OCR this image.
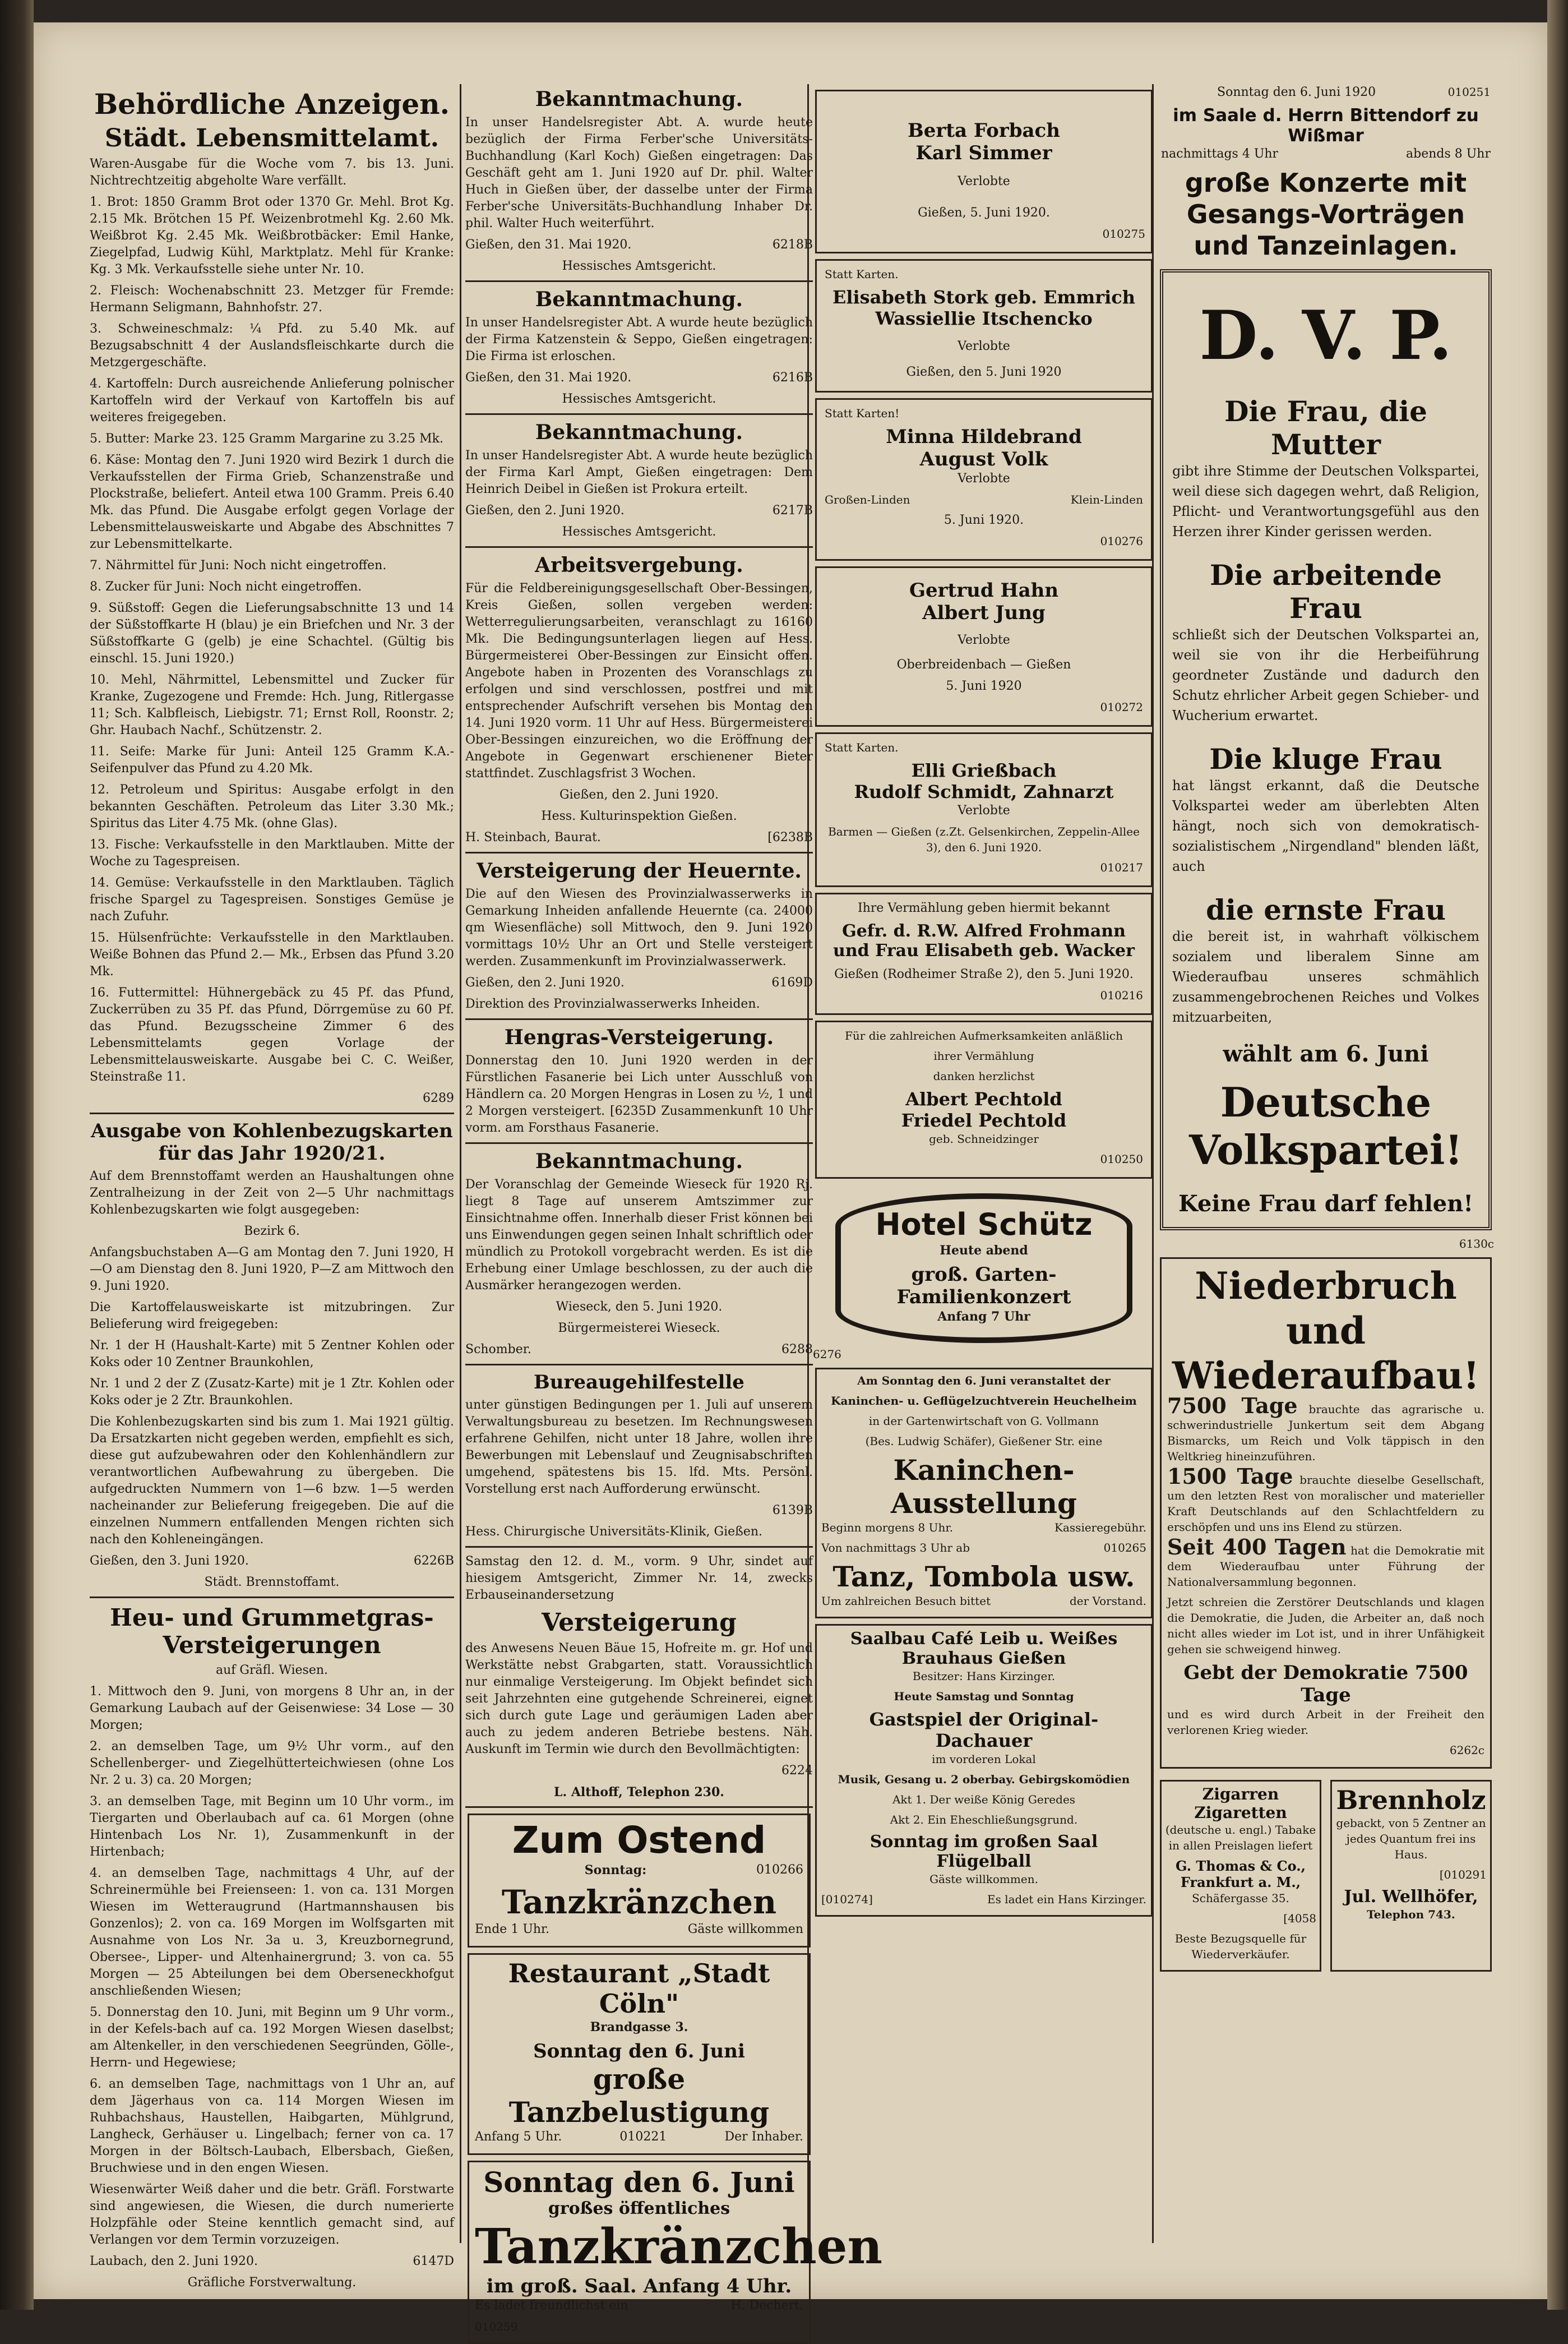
Behördliche Anzeigen.
Städt. Lebensmittelamt.

Waren-Ausgabe für die Woche vom 7. bis 13. Juni. Nichtrechtzeitig abgeholte Ware verfällt.

1. Brot: 1850 Gramm Brot oder 1370 Gr. Mehl. Brot Kg. 2.15 Mk. Brötchen 15 Pf. Weizenbrotmehl Kg. 2.60 Mk. Weißbrot Kg. 2.45 Mk. Weißbrotbäcker: Emil Hanke, Ziegelpfad, Ludwig Kühl, Marktplatz. Mehl für Kranke: Kg. 3 Mk. Verkaufsstelle siehe unter Nr. 10.

2. Fleisch: Wochenabschnitt 23. Metzger für Fremde: Hermann Seligmann, Bahnhofstr. 27.

3. Schweineschmalz: ¼ Pfd. zu 5.40 Mk. auf Bezugsabschnitt 4 der Auslandsfleischkarte durch die Metzgergeschäfte.

4. Kartoffeln: Durch ausreichende Anlieferung polnischer Kartoffeln wird der Verkauf von Kartoffeln bis auf weiteres freigegeben.

5. Butter: Marke 23. 125 Gramm Margarine zu 3.25 Mk.

6. Käse: Montag den 7. Juni 1920 wird Bezirk 1 durch die Verkaufsstellen der Firma Grieb, Schanzenstraße und Plockstraße, beliefert. Anteil etwa 100 Gramm. Preis 6.40 Mk. das Pfund. Die Ausgabe erfolgt gegen Vorlage der Lebensmittelausweiskarte und Abgabe des Abschnittes 7 zur Lebensmittelkarte.

7. Nährmittel für Juni: Noch nicht eingetroffen.

8. Zucker für Juni: Noch nicht eingetroffen.

9. Süßstoff: Gegen die Lieferungsabschnitte 13 und 14 der Süßstoffkarte H (blau) je ein Briefchen und Nr. 3 der Süßstoffkarte G (gelb) je eine Schachtel. (Gültig bis einschl. 15. Juni 1920.)

10. Mehl, Nährmittel, Lebensmittel und Zucker für Kranke, Zugezogene und Fremde: Hch. Jung, Ritlergasse 11; Sch. Kalbfleisch, Liebigstr. 71; Ernst Roll, Roonstr. 2; Ghr. Haubach Nachf., Schützenstr. 2.

11. Seife: Marke für Juni: Anteil 125 Gramm K.A.-Seifenpulver das Pfund zu 4.20 Mk.

12. Petroleum und Spiritus: Ausgabe erfolgt in den bekannten Geschäften. Petroleum das Liter 3.30 Mk.; Spiritus das Liter 4.75 Mk. (ohne Glas).

13. Fische: Verkaufsstelle in den Marktlauben. Mitte der Woche zu Tagespreisen.

14. Gemüse: Verkaufsstelle in den Marktlauben. Täglich frische Spargel zu Tagespreisen. Sonstiges Gemüse je nach Zufuhr.

15. Hülsenfrüchte: Verkaufsstelle in den Marktlauben. Weiße Bohnen das Pfund 2.— Mk., Erbsen das Pfund 3.20 Mk.

16. Futtermittel: Hühnergebäck zu 45 Pf. das Pfund, Zuckerrüben zu 35 Pf. das Pfund, Dörrgemüse zu 60 Pf. das Pfund. Bezugsscheine Zimmer 6 des Lebensmittelamts gegen Vorlage der Lebensmittelausweiskarte. Ausgabe bei C. C. Weißer, Steinstraße 11.

6289
Ausgabe von Kohlenbezugskarten für das Jahr 1920/21.

Auf dem Brennstoffamt werden an Haushaltungen ohne Zentralheizung in der Zeit von 2—5 Uhr nachmittags Kohlenbezugskarten wie folgt ausgegeben:

Bezirk 6.

Anfangsbuchstaben A—G am Montag den 7. Juni 1920, H—O am Dienstag den 8. Juni 1920, P—Z am Mittwoch den 9. Juni 1920.

Die Kartoffelausweiskarte ist mitzubringen. Zur Belieferung wird freigegeben:

Nr. 1 der H (Haushalt-Karte) mit 5 Zentner Kohlen oder Koks oder 10 Zentner Braunkohlen,

Nr. 1 und 2 der Z (Zusatz-Karte) mit je 1 Ztr. Kohlen oder Koks oder je 2 Ztr. Braunkohlen.

Die Kohlenbezugskarten sind bis zum 1. Mai 1921 gültig. Da Ersatzkarten nicht gegeben werden, empfiehlt es sich, diese gut aufzubewahren oder den Kohlenhändlern zur verantwortlichen Aufbewahrung zu übergeben. Die aufgedruckten Nummern von 1—6 bzw. 1—5 werden nacheinander zur Belieferung freigegeben. Die auf die einzelnen Nummern entfallenden Mengen richten sich nach den Kohleneingängen.

Gießen, den 3. Juni 1920.	6226B
Städt. Brennstoffamt.
Heu- und Grummetgras-Versteigerungen
auf Gräfl. Wiesen.

1. Mittwoch den 9. Juni, von morgens 8 Uhr an, in der Gemarkung Laubach auf der Geisenwiese: 34 Lose — 30 Morgen;

2. an demselben Tage, um 9½ Uhr vorm., auf den Schellenberger- und Ziegelhütterteichwiesen (ohne Los Nr. 2 u. 3) ca. 20 Morgen;

3. an demselben Tage, mit Beginn um 10 Uhr vorm., im Tiergarten und Oberlaubach auf ca. 61 Morgen (ohne Hintenbach Los Nr. 1), Zusammenkunft in der Hirtenbach;

4. an demselben Tage, nachmittags 4 Uhr, auf der Schreinermühle bei Freienseen: 1. von ca. 131 Morgen Wiesen im Wetteraugrund (Hartmannshausen bis Gonzenlos); 2. von ca. 169 Morgen im Wolfsgarten mit Ausnahme von Los Nr. 3a u. 3, Kreuzbornegrund, Obersee-, Lipper- und Altenhainergrund; 3. von ca. 55 Morgen — 25 Abteilungen bei dem Oberseneckhofgut anschließenden Wiesen;

5. Donnerstag den 10. Juni, mit Beginn um 9 Uhr vorm., in der Kefels-bach auf ca. 192 Morgen Wiesen daselbst; am Altenkeller, in den verschiedenen Seegründen, Gölle-, Herrn- und Hegewiese;

6. an demselben Tage, nachmittags von 1 Uhr an, auf dem Jägerhaus von ca. 114 Morgen Wiesen im Ruhbachshaus, Haustellen, Haibgarten, Mühlgrund, Langheck, Gerhäuser u. Lingelbach; ferner von ca. 17 Morgen in der Böltsch-Laubach, Elbersbach, Gießen, Bruchwiese und in den engen Wiesen.

Wiesenwärter Weiß daher und die betr. Gräfl. Forstwarte sind angewiesen, die Wiesen, die durch numerierte Holzpfähle oder Steine kenntlich gemacht sind, auf Verlangen vor dem Termin vorzuzeigen.

Laubach, den 2. Juni 1920.	6147D
Gräfliche Forstverwaltung.
Bekanntmachung.

In unser Handelsregister Abt. A. wurde heute bezüglich der Firma Ferber'sche Universitäts-Buchhandlung (Karl Koch) Gießen eingetragen: Das Geschäft geht am 1. Juni 1920 auf Dr. phil. Walter Huch in Gießen über, der dasselbe unter der Firma Ferber'sche Universitäts-Buchhandlung Inhaber Dr. phil. Walter Huch weiterführt.

Gießen, den 31. Mai 1920.	6218B
Hessisches Amtsgericht.
Bekanntmachung.

In unser Handelsregister Abt. A wurde heute bezüglich der Firma Katzenstein & Seppo, Gießen eingetragen: Die Firma ist erloschen.

Gießen, den 31. Mai 1920.	6216B
Hessisches Amtsgericht.
Bekanntmachung.

In unser Handelsregister Abt. A wurde heute bezüglich der Firma Karl Ampt, Gießen eingetragen: Dem Heinrich Deibel in Gießen ist Prokura erteilt.

Gießen, den 2. Juni 1920.	6217B
Hessisches Amtsgericht.
Arbeitsvergebung.

Für die Feldbereinigungsgesellschaft Ober-Bessingen, Kreis Gießen, sollen vergeben werden: Wetterregulierungsarbeiten, veranschlagt zu 16160 Mk. Die Bedingungsunterlagen liegen auf Hess. Bürgermeisterei Ober-Bessingen zur Einsicht offen. Angebote haben in Prozenten des Voranschlags zu erfolgen und sind verschlossen, postfrei und mit entsprechender Aufschrift versehen bis Montag den 14. Juni 1920 vorm. 11 Uhr auf Hess. Bürgermeisterei Ober-Bessingen einzureichen, wo die Eröffnung der Angebote in Gegenwart erschienener Bieter stattfindet. Zuschlagsfrist 3 Wochen.

Gießen, den 2. Juni 1920.
Hess. Kulturinspektion Gießen.
H. Steinbach, Baurat.	[6238B
Versteigerung der Heuernte.

Die auf den Wiesen des Provinzialwasserwerks in Gemarkung Inheiden anfallende Heuernte (ca. 24000 qm Wiesenfläche) soll Mittwoch, den 9. Juni 1920 vormittags 10½ Uhr an Ort und Stelle versteigert werden. Zusammenkunft im Provinzialwasserwerk.

Gießen, den 2. Juni 1920.	6169D
Direktion des Provinzialwasserwerks Inheiden.
Hengras-Versteigerung.

Donnerstag den 10. Juni 1920 werden in der Fürstlichen Fasanerie bei Lich unter Ausschluß von Händlern ca. 20 Morgen Hengras in Losen zu ½, 1 und 2 Morgen versteigert. [6235D Zusammenkunft 10 Uhr vorm. am Forsthaus Fasanerie.

Bekanntmachung.

Der Voranschlag der Gemeinde Wieseck für 1920 Rj. liegt 8 Tage auf unserem Amtszimmer zur Einsichtnahme offen. Innerhalb dieser Frist können bei uns Einwendungen gegen seinen Inhalt schriftlich oder mündlich zu Protokoll vorgebracht werden. Es ist die Erhebung einer Umlage beschlossen, zu der auch die Ausmärker herangezogen werden.

Wieseck, den 5. Juni 1920.
Bürgermeisterei Wieseck.
Schomber.	6288
Bureaugehilfestelle

unter günstigen Bedingungen per 1. Juli auf unserem Verwaltungsbureau zu besetzen. Im Rechnungswesen erfahrene Gehilfen, nicht unter 18 Jahre, wollen ihre Bewerbungen mit Lebenslauf und Zeugnisabschriften umgehend, spätestens bis 15. lfd. Mts. Persönl. Vorstellung erst nach Aufforderung erwünscht.

6139B
Hess. Chirurgische Universitäts-Klinik, Gießen.

Samstag den 12. d. M., vorm. 9 Uhr, sindet auf hiesigem Amtsgericht, Zimmer Nr. 14, zwecks Erbauseinandersetzung

Versteigerung

des Anwesens Neuen Bäue 15, Hofreite m. gr. Hof und Werkstätte nebst Grabgarten, statt. Voraussichtlich nur einmalige Versteigerung. Im Objekt befindet sich seit Jahrzehnten eine gutgehende Schreinerei, eignet sich durch gute Lage und geräumigen Laden aber auch zu jedem anderen Betriebe bestens. Näh. Auskunft im Termin wie durch den Bevollmächtigten:

6224
L. Althoff, Telephon 230.
Zum Ostend
Sonntag:	010266
Tanzkränzchen
Ende 1 Uhr.	Gäste willkommen
Restaurant „Stadt Cöln"
Brandgasse 3.
Sonntag den 6. Juni
große Tanzbelustigung
Anfang 5 Uhr.	010221	Der Inhaber.
Sonntag den 6. Juni
großes öffentliches
Tanzkränzchen
im groß. Saal. Anfang 4 Uhr.
Es ladet freundlichst ein	H. Dechert.
010259
Berta Forbach
Karl Simmer
Verlobte
Gießen, 5. Juni 1920.
010275
Statt Karten.
Elisabeth Stork geb. Emmrich
Wassiellie Itschencko
Verlobte
Gießen, den 5. Juni 1920
Statt Karten!
Minna Hildebrand
August Volk
Verlobte
Großen-Linden	Klein-Linden
5. Juni 1920.
010276
Gertrud Hahn
Albert Jung
Verlobte
Oberbreidenbach — Gießen
5. Juni 1920
010272
Statt Karten.
Elli Grießbach
Rudolf Schmidt, Zahnarzt
Verlobte
Barmen — Gießen (z.Zt. Gelsenkirchen, Zeppelin-Allee 3), den 6. Juni 1920.
010217
Ihre Vermählung geben hiermit bekannt
Gefr. d. R.W. Alfred Frohmann
und Frau Elisabeth geb. Wacker
Gießen (Rodheimer Straße 2), den 5. Juni 1920.
010216
Für die zahlreichen Aufmerksamkeiten anläßlich
ihrer Vermählung
danken herzlichst
Albert Pechtold
Friedel Pechtold
geb. Schneidzinger
010250
Hotel Schütz
Heute abend
groß. Garten-Familienkonzert
Anfang 7 Uhr
6276
Am Sonntag den 6. Juni veranstaltet der
Kaninchen- u. Geflügelzuchtverein Heuchelheim
in der Gartenwirtschaft von G. Vollmann
(Bes. Ludwig Schäfer), Gießener Str. eine
Kaninchen-Ausstellung
Beginn morgens 8 Uhr.	Kassieregebühr.
Von nachmittags 3 Uhr ab	010265
Tanz, Tombola usw.
Um zahlreichen Besuch bittet	der Vorstand.
Saalbau Café Leib u. Weißes Brauhaus Gießen
Besitzer: Hans Kirzinger.
Heute Samstag und Sonntag
Gastspiel der Original-Dachauer
im vorderen Lokal
Musik, Gesang u. 2 oberbay. Gebirgskomödien
Akt 1. Der weiße König Geredes
Akt 2. Ein Eheschließungsgrund.
Sonntag im großen Saal Flügelball
Gäste willkommen.
[010274]	Es ladet ein Hans Kirzinger.
Sonntag den 6. Juni 1920	010251
im Saale d. Herrn Bittendorf zu Wißmar
nachmittags 4 Uhr	abends 8 Uhr
große Konzerte mit
Gesangs-Vorträgen
und Tanzeinlagen.
D. V. P.
Die Frau, die Mutter

gibt ihre Stimme der Deutschen Volkspartei, weil diese sich dagegen wehrt, daß Religion, Pflicht- und Verantwortungsgefühl aus den Herzen ihrer Kinder gerissen werden.

Die arbeitende Frau

schließt sich der Deutschen Volkspartei an, weil sie von ihr die Herbeiführung geordneter Zustände und dadurch den Schutz ehrlicher Arbeit gegen Schieber- und Wucherium erwartet.

Die kluge Frau

hat längst erkannt, daß die Deutsche Volkspartei weder am überlebten Alten hängt, noch sich von demokratisch-sozialistischem „Nirgendland" blenden läßt, auch

die ernste Frau

die bereit ist, in wahrhaft völkischem sozialem und liberalem Sinne am Wiederaufbau unseres schmählich zusammengebrochenen Reiches und Volkes mitzuarbeiten,

wählt am 6. Juni
Deutsche
Volkspartei!
Keine Frau darf fehlen!
6130c
Niederbruch und
Wiederaufbau!

7500 Tage brauchte das agrarische u. schwerindustrielle Junkertum seit dem Abgang Bismarcks, um Reich und Volk täppisch in den Weltkrieg hineinzuführen.

1500 Tage brauchte dieselbe Gesellschaft, um den letzten Rest von moralischer und materieller Kraft Deutschlands auf den Schlachtfeldern zu erschöpfen und uns ins Elend zu stürzen.

Seit 400 Tagen hat die Demokratie mit dem Wiederaufbau unter Führung der Nationalversammlung begonnen.

Jetzt schreien die Zerstörer Deutschlands und klagen die Demokratie, die Juden, die Arbeiter an, daß noch nicht alles wieder im Lot ist, und in ihrer Unfähigkeit gehen sie schweigend hinweg.

Gebt der Demokratie 7500 Tage

und es wird durch Arbeit in der Freiheit den verlorenen Krieg wieder.

6262c
Zigarren
Zigaretten
(deutsche u. engl.) Tabake in allen Preislagen liefert
G. Thomas & Co.,
Frankfurt a. M.,
Schäfergasse 35.
[4058
Beste Bezugsquelle für Wiederverkäufer.
Brennholz
gebackt, von 5 Zentner an jedes Quantum frei ins Haus.
[010291
Jul. Wellhöfer,
Telephon 743.
